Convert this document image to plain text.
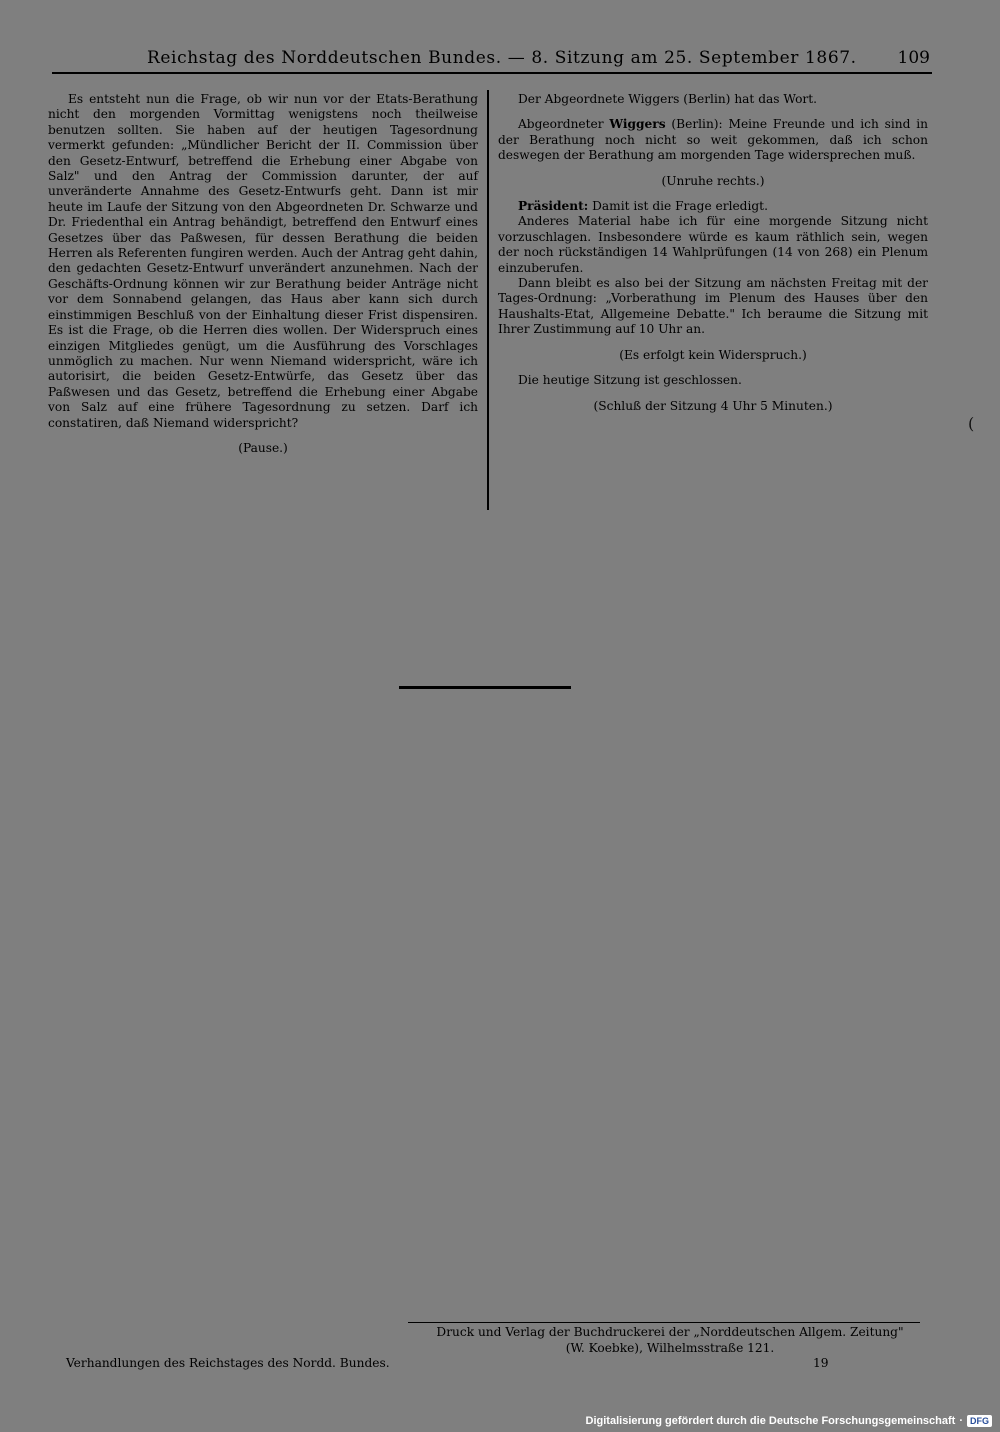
Reichstag des Norddeutschen Bundes. — 8. Sitzung am 25. September 1867. 109

Es entsteht nun die Frage, ob wir nun vor der Etats-Berathung nicht den morgenden Vormittag wenigstens noch theilweise benutzen sollten. Sie haben auf der heutigen Tagesordnung vermerkt gefunden: „Mündlicher Bericht der II. Commission über den Gesetz-Entwurf, betreffend die Erhebung einer Abgabe von Salz" und den Antrag der Commission darunter, der auf unveränderte Annahme des Gesetz-Entwurfs geht. Dann ist mir heute im Laufe der Sitzung von den Abgeordneten Dr. Schwarze und Dr. Friedenthal ein Antrag behändigt, betreffend den Entwurf eines Gesetzes über das Paßwesen, für dessen Berathung die beiden Herren als Referenten fungiren werden. Auch der Antrag geht dahin, den gedachten Gesetz-Entwurf unverändert anzunehmen. Nach der Geschäfts-Ordnung können wir zur Berathung beider Anträge nicht vor dem Sonnabend gelangen, das Haus aber kann sich durch einstimmigen Beschluß von der Einhaltung dieser Frist dispensiren. Es ist die Frage, ob die Herren dies wollen. Der Widerspruch eines einzigen Mitgliedes genügt, um die Ausführung des Vorschlages unmöglich zu machen. Nur wenn Niemand widerspricht, wäre ich autorisirt, die beiden Gesetz-Entwürfe, das Gesetz über das Paßwesen und das Gesetz, betreffend die Erhebung einer Abgabe von Salz auf eine frühere Tagesordnung zu setzen. Darf ich constatiren, daß Niemand widerspricht?

(Pause.)

Der Abgeordnete Wiggers (Berlin) hat das Wort.

Abgeordneter Wiggers (Berlin): Meine Freunde und ich sind in der Berathung noch nicht so weit gekommen, daß ich schon deswegen der Berathung am morgenden Tage widersprechen muß.

(Unruhe rechts.)

Präsident: Damit ist die Frage erledigt.

Anderes Material habe ich für eine morgende Sitzung nicht vorzuschlagen. Insbesondere würde es kaum räthlich sein, wegen der noch rückständigen 14 Wahlprüfungen (14 von 268) ein Plenum einzuberufen.

Dann bleibt es also bei der Sitzung am nächsten Freitag mit der Tages-Ordnung: „Vorberathung im Plenum des Hauses über den Haushalts-Etat, Allgemeine Debatte." Ich beraume die Sitzung mit Ihrer Zustimmung auf 10 Uhr an.

(Es erfolgt kein Widerspruch.)

Die heutige Sitzung ist geschlossen.

(Schluß der Sitzung 4 Uhr 5 Minuten.)

(
Druck und Verlag der Buchdruckerei der „Norddeutschen Allgem. Zeitung"
(W. Koebke), Wilhelmsstraße 121.
Verhandlungen des Reichstages des Nordd. Bundes.	19
Digitalisierung gefördert durch die Deutsche Forschungsgemeinschaft · DFG
